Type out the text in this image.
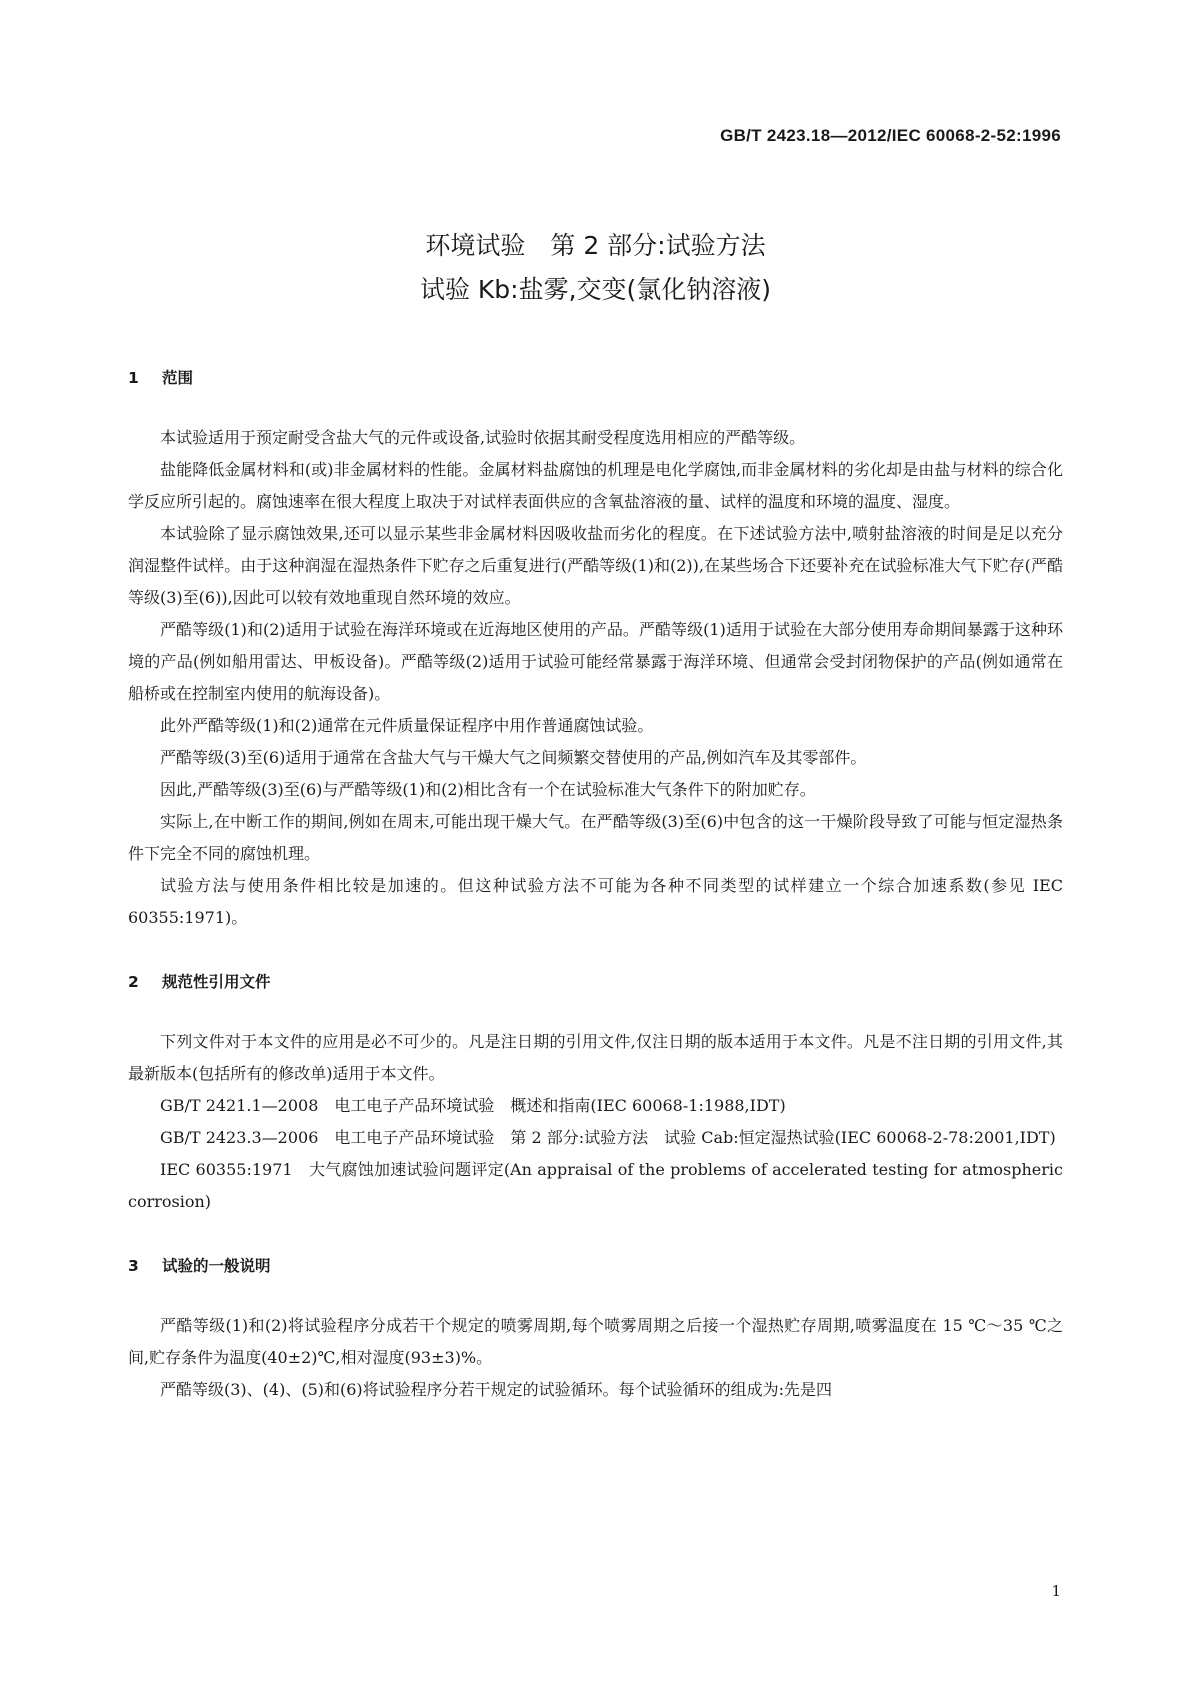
GB/T 2423.18—2012/IEC 60068-2-52:1996
环境试验　第 2 部分:试验方法
试验 Kb:盐雾,交变(氯化钠溶液)
1 范围

本试验适用于预定耐受含盐大气的元件或设备,试验时依据其耐受程度选用相应的严酷等级。

盐能降低金属材料和(或)非金属材料的性能。金属材料盐腐蚀的机理是电化学腐蚀,而非金属材料的劣化却是由盐与材料的综合化学反应所引起的。腐蚀速率在很大程度上取决于对试样表面供应的含氧盐溶液的量、试样的温度和环境的温度、湿度。

本试验除了显示腐蚀效果,还可以显示某些非金属材料因吸收盐而劣化的程度。在下述试验方法中,喷射盐溶液的时间是足以充分润湿整件试样。由于这种润湿在湿热条件下贮存之后重复进行(严酷等级(1)和(2)),在某些场合下还要补充在试验标准大气下贮存(严酷等级(3)至(6)),因此可以较有效地重现自然环境的效应。

严酷等级(1)和(2)适用于试验在海洋环境或在近海地区使用的产品。严酷等级(1)适用于试验在大部分使用寿命期间暴露于这种环境的产品(例如船用雷达、甲板设备)。严酷等级(2)适用于试验可能经常暴露于海洋环境、但通常会受封闭物保护的产品(例如通常在船桥或在控制室内使用的航海设备)。

此外严酷等级(1)和(2)通常在元件质量保证程序中用作普通腐蚀试验。

严酷等级(3)至(6)适用于通常在含盐大气与干燥大气之间频繁交替使用的产品,例如汽车及其零部件。

因此,严酷等级(3)至(6)与严酷等级(1)和(2)相比含有一个在试验标准大气条件下的附加贮存。

实际上,在中断工作的期间,例如在周末,可能出现干燥大气。在严酷等级(3)至(6)中包含的这一干燥阶段导致了可能与恒定湿热条件下完全不同的腐蚀机理。

试验方法与使用条件相比较是加速的。但这种试验方法不可能为各种不同类型的试样建立一个综合加速系数(参见 IEC 60355:1971)。

2 规范性引用文件

下列文件对于本文件的应用是必不可少的。凡是注日期的引用文件,仅注日期的版本适用于本文件。凡是不注日期的引用文件,其最新版本(包括所有的修改单)适用于本文件。

GB/T 2421.1—2008　电工电子产品环境试验　概述和指南(IEC 60068-1:1988,IDT)

GB/T 2423.3—2006　电工电子产品环境试验　第 2 部分:试验方法　试验 Cab:恒定湿热试验(IEC 60068-2-78:2001,IDT)

IEC 60355:1971　大气腐蚀加速试验问题评定(An appraisal of the problems of accelerated testing for atmospheric corrosion)

3 试验的一般说明

严酷等级(1)和(2)将试验程序分成若干个规定的喷雾周期,每个喷雾周期之后接一个湿热贮存周期,喷雾温度在 15 ℃～35 ℃之间,贮存条件为温度(40±2)℃,相对湿度(93±3)%。

严酷等级(3)、(4)、(5)和(6)将试验程序分若干规定的试验循环。每个试验循环的组成为:先是四

1
